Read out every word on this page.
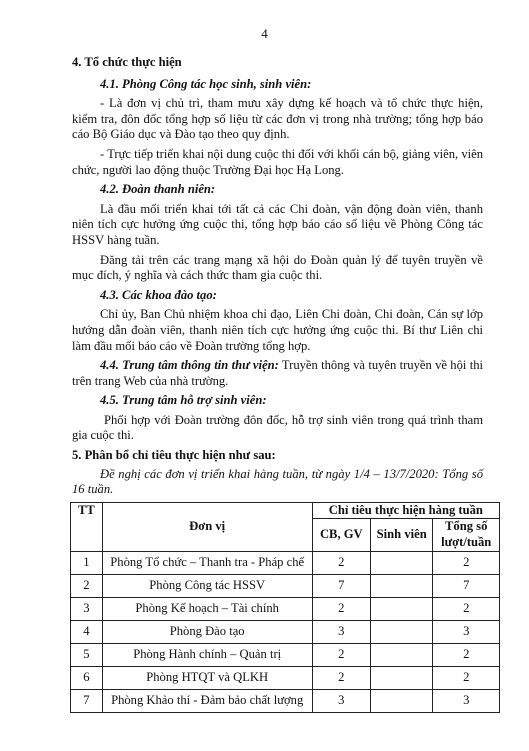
4
4. Tổ chức thực hiện
4.1. Phòng Công tác học sinh, sinh viên:
- Là đơn vị chủ trì, tham mưu xây dựng kế hoạch và tổ chức thực hiện, kiểm tra, đôn đốc tổng hợp số liệu từ các đơn vị trong nhà trường; tổng hợp báo cáo Bộ Giáo dục và Đào tạo theo quy định.
- Trực tiếp triển khai nội dung cuộc thi đối với khối cán bộ, giảng viên, viên chức, người lao động thuộc Trường Đại học Hạ Long.
4.2. Đoàn thanh niên:
Là đầu mối triển khai tới tất cả các Chi đoàn, vận động đoàn viên, thanh niên tích cực hưởng ứng cuộc thi, tổng hợp báo cáo số liệu về Phòng Công tác HSSV hàng tuần.
Đăng tải trên các trang mạng xã hội do Đoàn quản lý để tuyên truyền về mục đích, ý nghĩa và cách thức tham gia cuộc thi.
4.3. Các khoa đào tạo:
Chỉ ủy, Ban Chủ nhiệm khoa chỉ đạo, Liên Chi đoàn, Chi đoàn, Cán sự lớp hướng dẫn đoàn viên, thanh niên tích cực hưởng ứng cuộc thi. Bí thư Liên chi làm đầu mối báo cáo về Đoàn trường tổng hợp.
4.4. Trung tâm thông tin thư viện: Truyền thông và tuyên truyền về hội thi trên trang Web của nhà trường.
4.5. Trung tâm hỗ trợ sinh viên:
Phối hợp với Đoàn trường đôn đốc, hỗ trợ sinh viên trong quá trình tham gia cuộc thi.
5. Phân bổ chỉ tiêu thực hiện như sau:
Đề nghị các đơn vị triển khai hàng tuần, từ ngày 1/4 – 13/7/2020: Tổng số 16 tuần.
TT	Đơn vị	Chỉ tiêu thực hiện hàng tuần		
		CB, GV	Sinh viên	Tổng số lượt/tuần
1	Phòng Tổ chức – Thanh tra - Pháp chế	2		2
2	Phòng Công tác HSSV	7		7
3	Phòng Kế hoạch – Tài chính	2		2
4	Phòng Đào tạo	3		3
5	Phòng Hành chính – Quản trị	2		2
6	Phòng HTQT và QLKH	2		2
7	Phòng Khảo thí - Đảm bảo chất lượng	3		3
